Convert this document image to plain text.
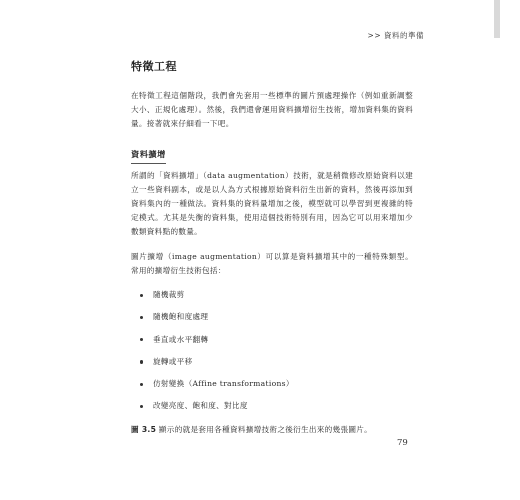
>> 資料的準備
特徵工程

在特徵工程這個階段，我們會先套用一些標準的圖片預處理操作（例如重新調整大小、正規化處理）。然後，我們還會運用資料擴增衍生技術，增加資料集的資料量。接著就來仔細看一下吧。

資料擴增

所謂的「資料擴增」（data augmentation）技術，就是稍微修改原始資料以建立一些資料副本，或是以人為方式根據原始資料衍生出新的資料，然後再添加到資料集內的一種做法。資料集的資料量增加之後，模型就可以學習到更複雜的特定模式。尤其是失衡的資料集，使用這個技術特別有用，因為它可以用來增加少數類資料點的數量。

圖片擴增（image augmentation）可以算是資料擴增其中的一種特殊類型。常用的擴增衍生技術包括：

隨機裁剪
隨機飽和度處理
垂直或水平翻轉
旋轉或平移
仿射變換（Affine transformations）
改變亮度、飽和度、對比度

圖 3.5 顯示的就是套用各種資料擴增技術之後衍生出來的幾張圖片。

79
